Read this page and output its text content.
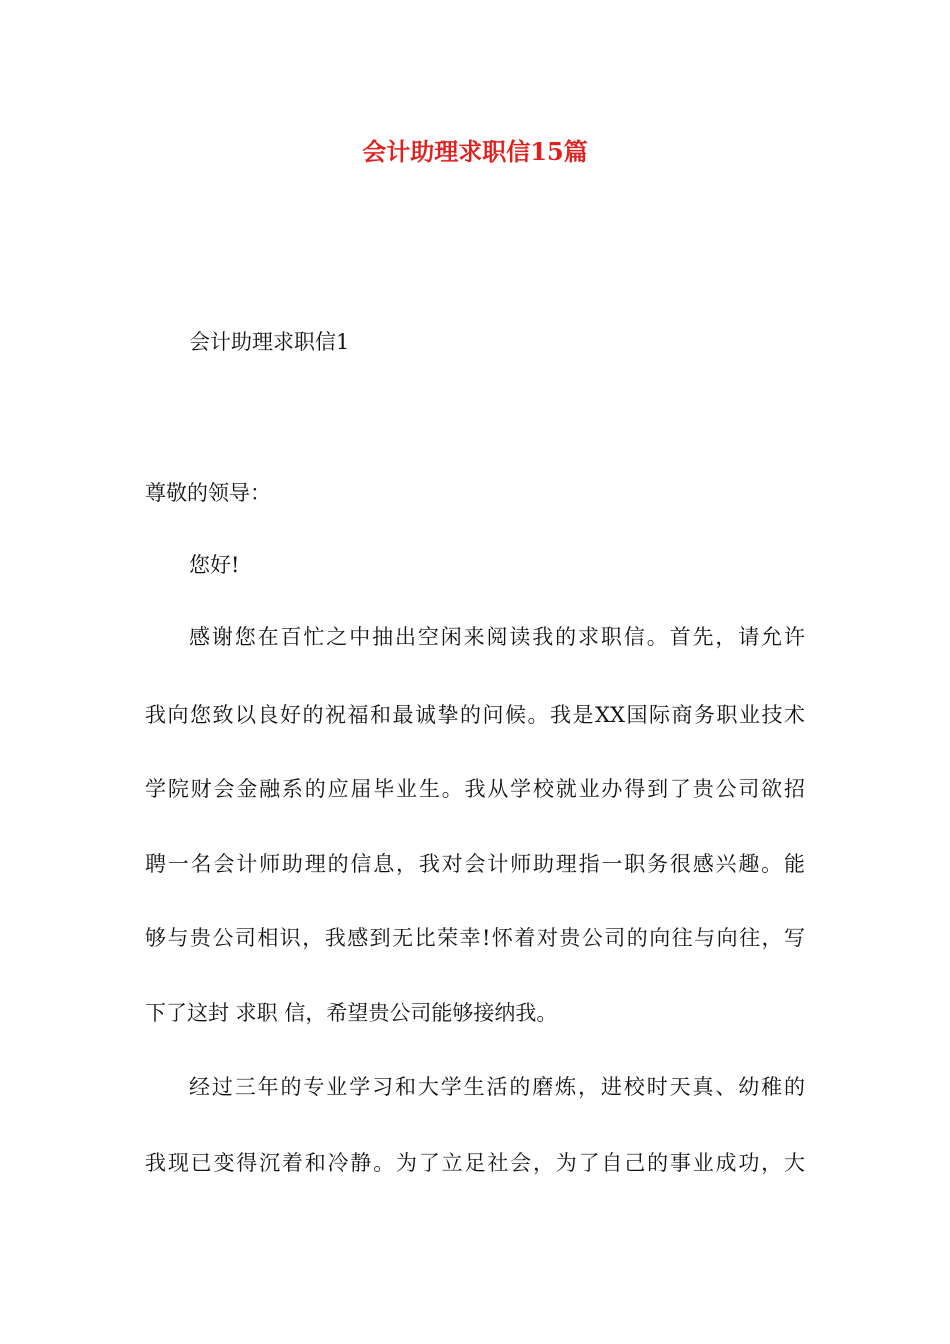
会计助理求职信15篇
会计助理求职信1
尊敬的领导：
您好!
感谢您在百忙之中抽出空闲来阅读我的求职信。首先，请允许
我向您致以良好的祝福和最诚挚的问候。我是XX国际商务职业技术
学院财会金融系的应届毕业生。我从学校就业办得到了贵公司欲招
聘一名会计师助理的信息，我对会计师助理指一职务很感兴趣。能
够与贵公司相识，我感到无比荣幸!怀着对贵公司的向往与向往，写
下了这封 求职 信，希望贵公司能够接纳我。
经过三年的专业学习和大学生活的磨炼，进校时天真、幼稚的
我现已变得沉着和冷静。为了立足社会，为了自己的事业成功，大
